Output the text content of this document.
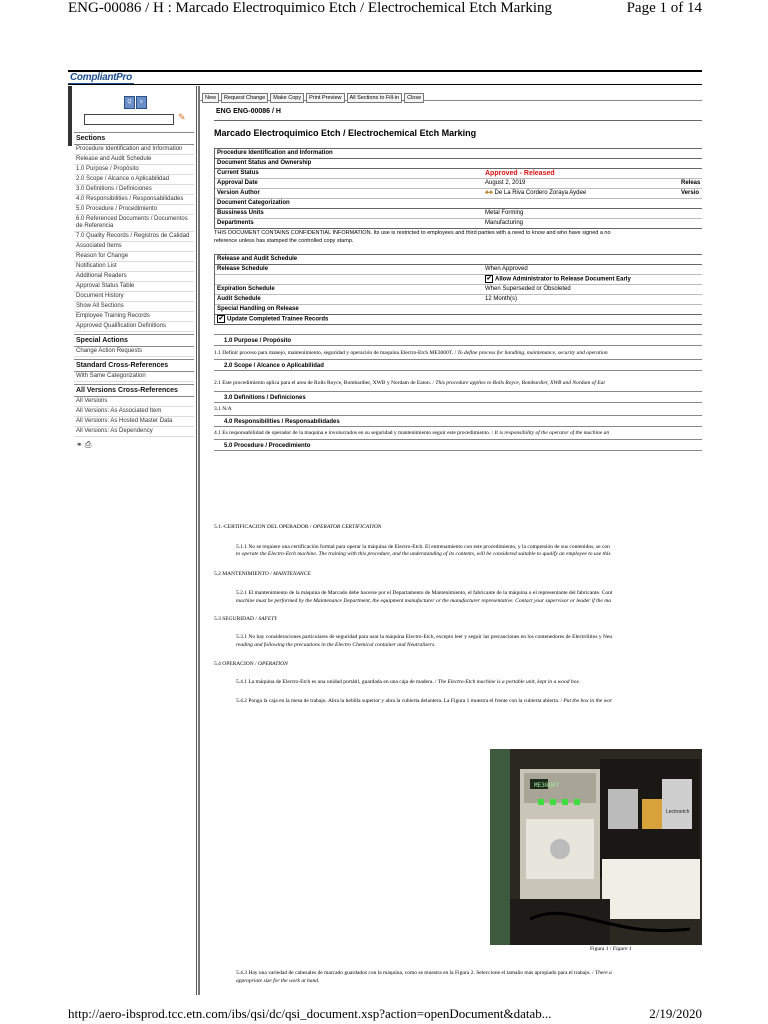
ENG-00086 / H : Marcado Electroquimico Etch / Electrochemical Etch Marking	Page 1 of 14
CompliantPro
Q ≡
✎
Sections
Procedure Identification and Information
Release and Audit Schedule
1.0 Purpose / Propósito
2.0 Scope / Alcance o Aplicabilidad
3.0 Definitions / Definiciones
4.0 Responsibilities / Responsabilidades
5.0 Procedure / Procedimiento
6.0 Referenced Documents / Documentos de Referencia
7.0 Quality Records / Registros de Calidad
Associated Items
Reason for Change
Notification List
Additional Readers
Approval Status Table
Document History
Show All Sections
Employee Training Records
Approved Qualification Definitions
Special Actions
Change Action Requests
Standard Cross-References
With Same Categorization
All Versions Cross-References
All Versions
All Versions: As Associated Item
All Versions: As Hosted Master Data
All Versions: As Dependency
⚭ ⎙
New Request Change Make Copy Print Preview All Sections to Fill-in Close
ENG ENG-00086 / H
Marcado Electroquimico Etch / Electrochemical Etch Marking
Procedure Identification and Information
Document Status and Ownership
Current Status	Approved - Released
Approval Date	August 2, 2019	Releas
Version Author	♣♣ De La Riva Cordero Zoraya Aydee	Versio
Document Categorization
Bussiness Units	Metal Forming
Departments	Manufacturing
THIS DOCUMENT CONTAINS CONFIDENTIAL INFORMATION. Its use is restricted to employees and third parties with a need to know and who have signed a no
reference unless has stamped the controlled copy stamp.
Release and Audit Schedule
Release Schedule	When Approved
✔ Allow Administrator to Release Document Early
Expiration Schedule	When Superseded or Obsoleted
Audit Schedule	12 Month(s)
Special Handling on Release
✔ Update Completed Trainee Records
1.0 Purpose / Propósito
1.1 Definir proceso para manejo, mantenimiento, seguridad y operación de maquina Electro-Etch ME3000T. / To define process for handling, maintenance, security and operation
2.0 Scope / Alcance o Aplicabilidad
2.1 Este procedimiento aplica para el area de Rolls Royce, Bombardier, XWB y Nordam de Eaton. / This procedure applies to Rolls Royce, Bombardier, XWB and Nordam of Eat
3.0 Definitions / Definiciones
3.1 N/A
4.0 Responsibilities / Responsabilidades
4.1 Es responsabilidad de operador de la maquina e involucrados en su seguridad y mantenimiento seguir este procedimiento. / It is responsibility of the operator of the machine an
5.0 Procedure / Procedimiento
5.1.-CERTIFICACION DEL OPERADOR / OPERATOR CERTIFICATION
5.1.1 No se requiere una certificación formal para operar la máquina de Electro-Etch. El entrenamiento con este procedimiento, y la compresión de sus contenidos, se con
to operate the Electro-Etch machine. The training with this procedure, and the understanding of its contents, will be considered suitable to qualify an employee to use this
5.2 MANTENIMIENTO / MAINTENANCE
5.2.1 El mantenimiento de la máquina de Marcado debe hacerse por el Departamento de Mantenimiento, el fabricante de la máquina o el representante del fabricante. Cont
machine must be performed by the Maintenance Department, the equipment manufacturer or the manufacturer representative. Contact your supervisor or leader if the ma
5.3 SEGURIDAD / SAFETY
5.3.1 No hay consideraciones particulares de seguridad para usar la máquina Electro-Etch, excepto leer y seguir las precauciones en los contenedores de Electrólitos y Neu
reading and following the precautions in the Electro Chemical container and Neutralizers.
5.4 OPERACION / OPERATION
5.4.1 La máquina de Electro-Etch es una unidad portátil, guardada en una caja de madera. / The Electro-Etch machine is a portable unit, kept in a wood box.
5.4.2 Ponga la caja en la mesa de trabajo. Abra la hebilla superior y abra la cubierta delantera. La Figura 1 muestra el frente con la cubierta abierta. / Put the box in the wor
ME3000T
Lectroetch
Figura 1 / Figure 1
5.4.3 Hay una variedad de cabezales de marcado guardados con la máquina, como se muestra en la Figura 2. Seleccione el tamaño más apropiado para el trabajo. / There a
appropriate size for the work at hand.
http://aero-ibsprod.tcc.etn.com/ibs/qsi/dc/qsi_document.xsp?action=openDocument&datab...	2/19/2020
